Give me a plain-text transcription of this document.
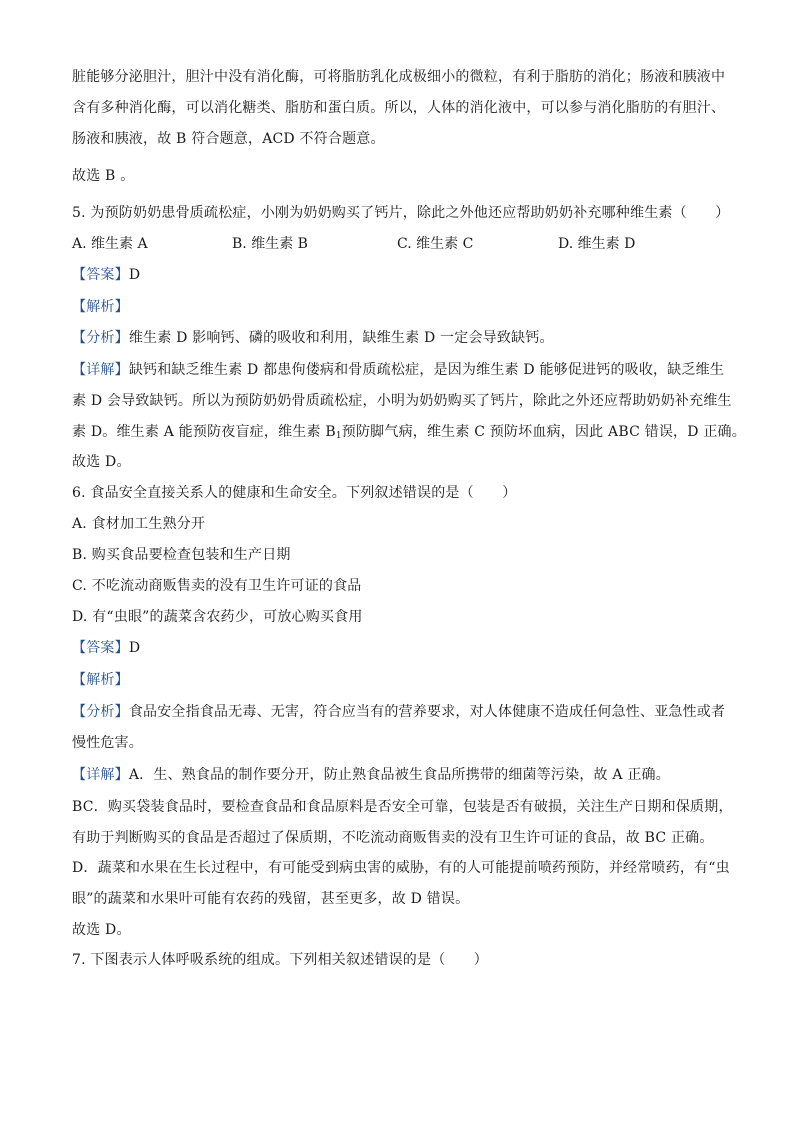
脏能够分泌胆汁，胆汁中没有消化酶，可将脂肪乳化成极细小的微粒，有利于脂肪的消化；肠液和胰液中
含有多种消化酶，可以消化糖类、脂肪和蛋白质。所以，人体的消化液中，可以参与消化脂肪的有胆汁、
肠液和胰液，故 B 符合题意，ACD 不符合题意。
故选 B 。
5. 为预防奶奶患骨质疏松症，小刚为奶奶购买了钙片，除此之外他还应帮助奶奶补充哪种维生素（　　）
A. 维生素 A	B. 维生素 B	C. 维生素 C	D. 维生素 D
【答案】D
【解析】
【分析】维生素 D 影响钙、磷的吸收和利用，缺维生素 D 一定会导致缺钙。
【详解】缺钙和缺乏维生素 D 都患佝偻病和骨质疏松症，是因为维生素 D 能够促进钙的吸收，缺乏维生
素 D 会导致缺钙。所以为预防奶奶骨质疏松症，小明为奶奶购买了钙片，除此之外还应帮助奶奶补充维生
素 D。维生素 A 能预防夜盲症，维生素 $B_1$预防脚气病，维生素 C 预防坏血病，因此 ABC 错误，D 正确。
故选 D。
6. 食品安全直接关系人的健康和生命安全。下列叙述错误的是（　　）
A. 食材加工生熟分开
B. 购买食品要检查包装和生产日期
C. 不吃流动商贩售卖的没有卫生许可证的食品
D. 有“虫眼”的蔬菜含农药少，可放心购买食用
【答案】D
【解析】
【分析】食品安全指食品无毒、无害，符合应当有的营养要求，对人体健康不造成任何急性、亚急性或者
慢性危害。
【详解】A．生、熟食品的制作要分开，防止熟食品被生食品所携带的细菌等污染，故 A 正确。
BC．购买袋装食品时，要检查食品和食品原料是否安全可靠，包装是否有破损，关注生产日期和保质期，
有助于判断购买的食品是否超过了保质期，不吃流动商贩售卖的没有卫生许可证的食品，故 BC 正确。
D．蔬菜和水果在生长过程中，有可能受到病虫害的威胁，有的人可能提前喷药预防，并经常喷药，有“虫
眼”的蔬菜和水果叶可能有农药的残留，甚至更多，故 D 错误。
故选 D。
7. 下图表示人体呼吸系统的组成。下列相关叙述错误的是（　　）
